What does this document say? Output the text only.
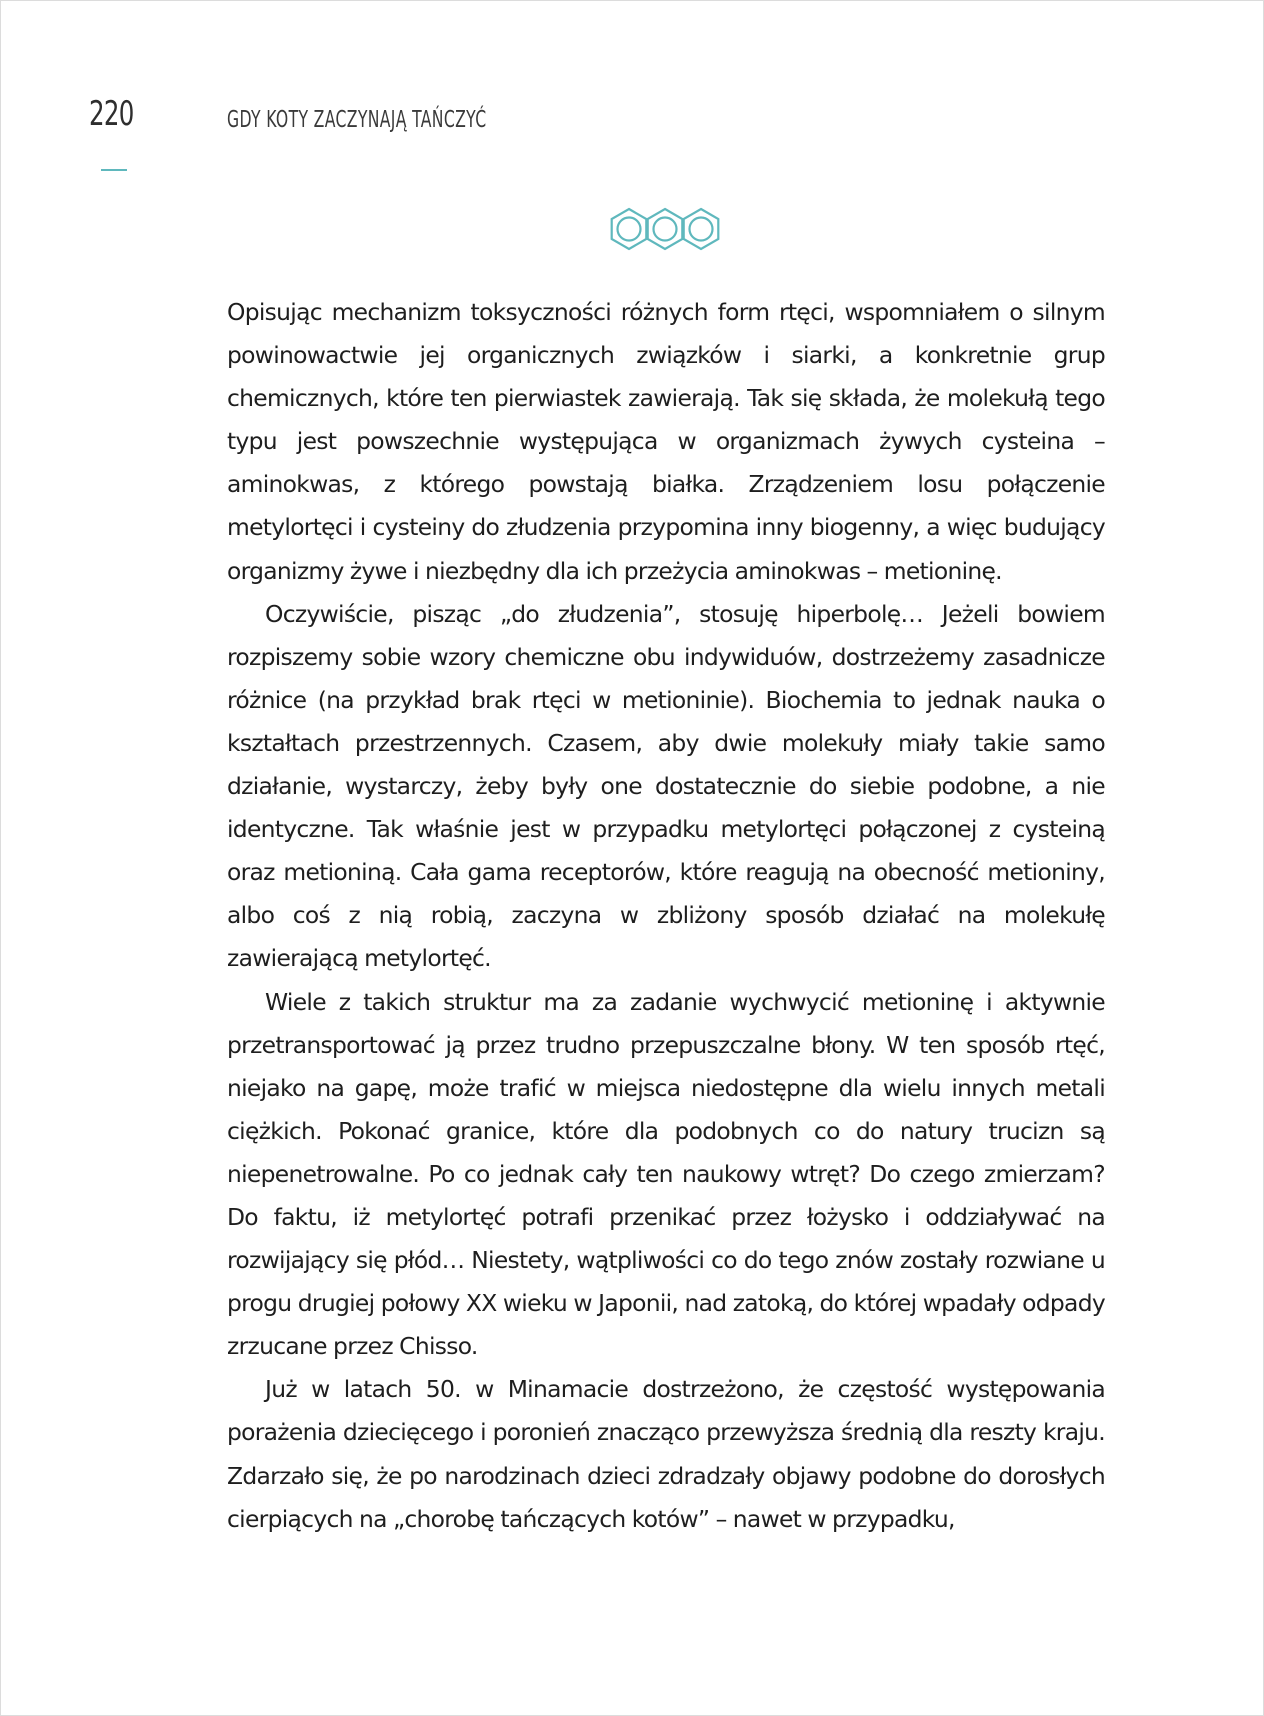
220	GDY KOTY ZACZYNAJĄ TAŃCZYĆ

Opisując mechanizm toksyczności różnych form rtęci, wspomniałem o silnym powinowactwie jej organicznych związków i siarki, a konkretnie grup chemicznych, które ten pierwiastek zawierają. Tak się składa, że molekułą tego typu jest powszechnie występująca w organizmach żywych cysteina – aminokwas, z którego powstają białka. Zrządzeniem losu połączenie metylortęci i cysteiny do złudzenia przypomina inny biogenny, a więc budujący organizmy żywe i niezbędny dla ich przeżycia aminokwas – metioninę.

Oczywiście, pisząc „do złudzenia”, stosuję hiperbolę… Jeżeli bowiem rozpiszemy sobie wzory chemiczne obu indywiduów, dostrzeżemy zasadnicze różnice (na przykład brak rtęci w metioninie). Biochemia to jednak nauka o kształtach przestrzennych. Czasem, aby dwie molekuły miały takie samo działanie, wystarczy, żeby były one dostatecznie do siebie podobne, a nie identyczne. Tak właśnie jest w przypadku metylortęci połączonej z cysteiną oraz metioniną. Cała gama receptorów, które reagują na obecność metioniny, albo coś z nią robią, zaczyna w zbliżony sposób działać na molekułę zawierającą metylortęć.

Wiele z takich struktur ma za zadanie wychwycić metioninę i aktywnie przetransportować ją przez trudno przepuszczalne błony. W ten sposób rtęć, niejako na gapę, może trafić w miejsca niedostępne dla wielu innych metali ciężkich. Pokonać granice, które dla podobnych co do natury trucizn są niepenetrowalne. Po co jednak cały ten naukowy wtręt? Do czego zmierzam? Do faktu, iż metylortęć potrafi przenikać przez łożysko i oddziaływać na rozwijający się płód… Niestety, wątpliwości co do tego znów zostały rozwiane u progu drugiej połowy XX wieku w Japonii, nad zatoką, do której wpadały odpady zrzucane przez Chisso.

Już w latach 50. w Minamacie dostrzeżono, że częstość występowania porażenia dziecięcego i poronień znacząco przewyższa średnią dla reszty kraju. Zdarzało się, że po narodzinach dzieci zdradzały objawy podobne do dorosłych cierpiących na „chorobę tańczących kotów” – nawet w przypadku,
